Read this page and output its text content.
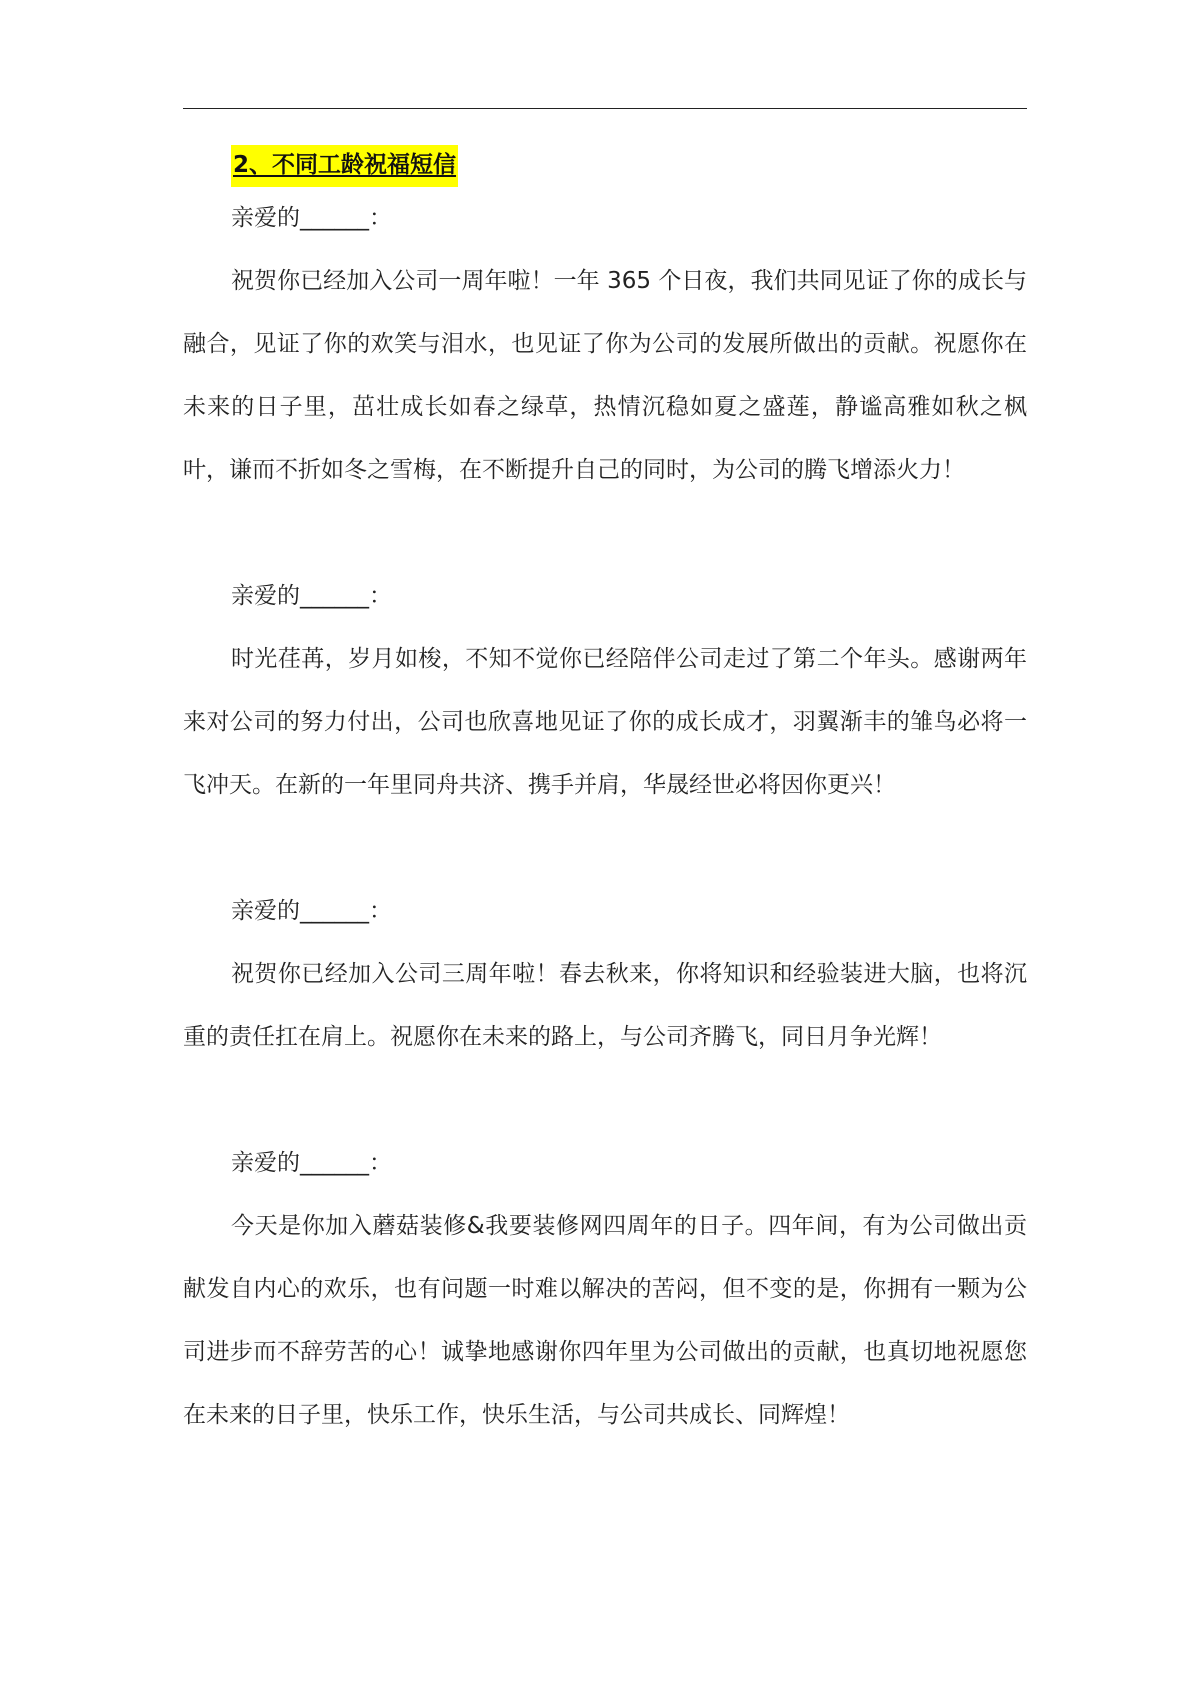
2、不同工龄祝福短信

亲爱的______：

祝贺你已经加入公司一周年啦！一年 365 个日夜，我们共同见证了你的成长与融合，见证了你的欢笑与泪水，也见证了你为公司的发展所做出的贡献。祝愿你在未来的日子里，茁壮成长如春之绿草，热情沉稳如夏之盛莲，静谧高雅如秋之枫叶，谦而不折如冬之雪梅，在不断提升自己的同时，为公司的腾飞增添火力！

亲爱的______：

时光荏苒，岁月如梭，不知不觉你已经陪伴公司走过了第二个年头。感谢两年来对公司的努力付出，公司也欣喜地见证了你的成长成才，羽翼渐丰的雏鸟必将一飞冲天。在新的一年里同舟共济、携手并肩，华晟经世必将因你更兴！

亲爱的______：

祝贺你已经加入公司三周年啦！春去秋来，你将知识和经验装进大脑，也将沉重的责任扛在肩上。祝愿你在未来的路上，与公司齐腾飞，同日月争光辉！

亲爱的______：

今天是你加入蘑菇装修&我要装修网四周年的日子。四年间，有为公司做出贡献发自内心的欢乐，也有问题一时难以解决的苦闷，但不变的是，你拥有一颗为公司进步而不辞劳苦的心！诚挚地感谢你四年里为公司做出的贡献，也真切地祝愿您在未来的日子里，快乐工作，快乐生活，与公司共成长、同辉煌！
